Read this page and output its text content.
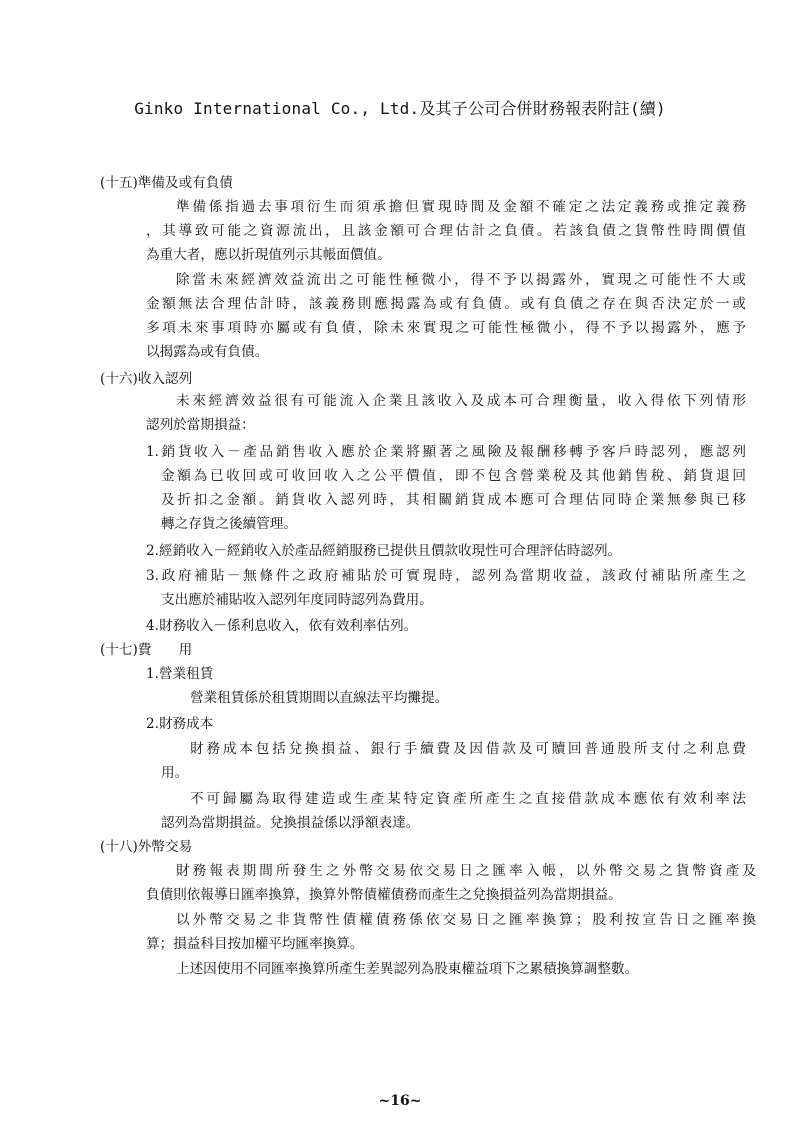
Ginko International Co., Ltd.及其子公司合併財務報表附註(續)
(十五)準備及或有負債
準備係指過去事項衍生而須承擔但實現時間及金額不確定之法定義務或推定義務
，其導致可能之資源流出，且該金額可合理估計之負債。若該負債之貨幣性時間價值
為重大者，應以折現值列示其帳面價值。
除當未來經濟效益流出之可能性極微小，得不予以揭露外，實現之可能性不大或
金額無法合理估計時，該義務則應揭露為或有負債。或有負債之存在與否決定於一或
多項未來事項時亦屬或有負債，除未來實現之可能性極微小，得不予以揭露外，應予
以揭露為或有負債。
(十六)收入認列
未來經濟效益很有可能流入企業且該收入及成本可合理衡量，收入得依下列情形
認列於當期損益：
1.銷貨收入－產品銷售收入應於企業將顯著之風險及報酬移轉予客戶時認列，應認列
金額為已收回或可收回收入之公平價值，即不包含營業稅及其他銷售稅、銷貨退回
及折扣之金額。銷貨收入認列時，其相關銷貨成本應可合理估同時企業無參與已移
轉之存貨之後續管理。
2.經銷收入－經銷收入於產品經銷服務已提供且價款收現性可合理評估時認列。
3.政府補貼－無條件之政府補貼於可實現時，認列為當期收益，該政付補貼所產生之
支出應於補貼收入認列年度同時認列為費用。
4.財務收入－係利息收入，依有效利率估列。
(十七)費　　用
1.營業租賃
營業租賃係於租賃期間以直線法平均攤提。
2.財務成本
財務成本包括兌換損益、銀行手續費及因借款及可贖回普通股所支付之利息費
用。
不可歸屬為取得建造或生產某特定資產所產生之直接借款成本應依有效利率法
認列為當期損益。兌換損益係以淨額表達。
(十八)外幣交易
財務報表期間所發生之外幣交易依交易日之匯率入帳，以外幣交易之貨幣資產及
負債則依報導日匯率換算，換算外幣債權債務而產生之兌換損益列為當期損益。
以外幣交易之非貨幣性債權債務係依交易日之匯率換算；股利按宣告日之匯率換
算；損益科目按加權平均匯率換算。
上述因使用不同匯率換算所產生差異認列為股東權益項下之累積換算調整數。
~16~
